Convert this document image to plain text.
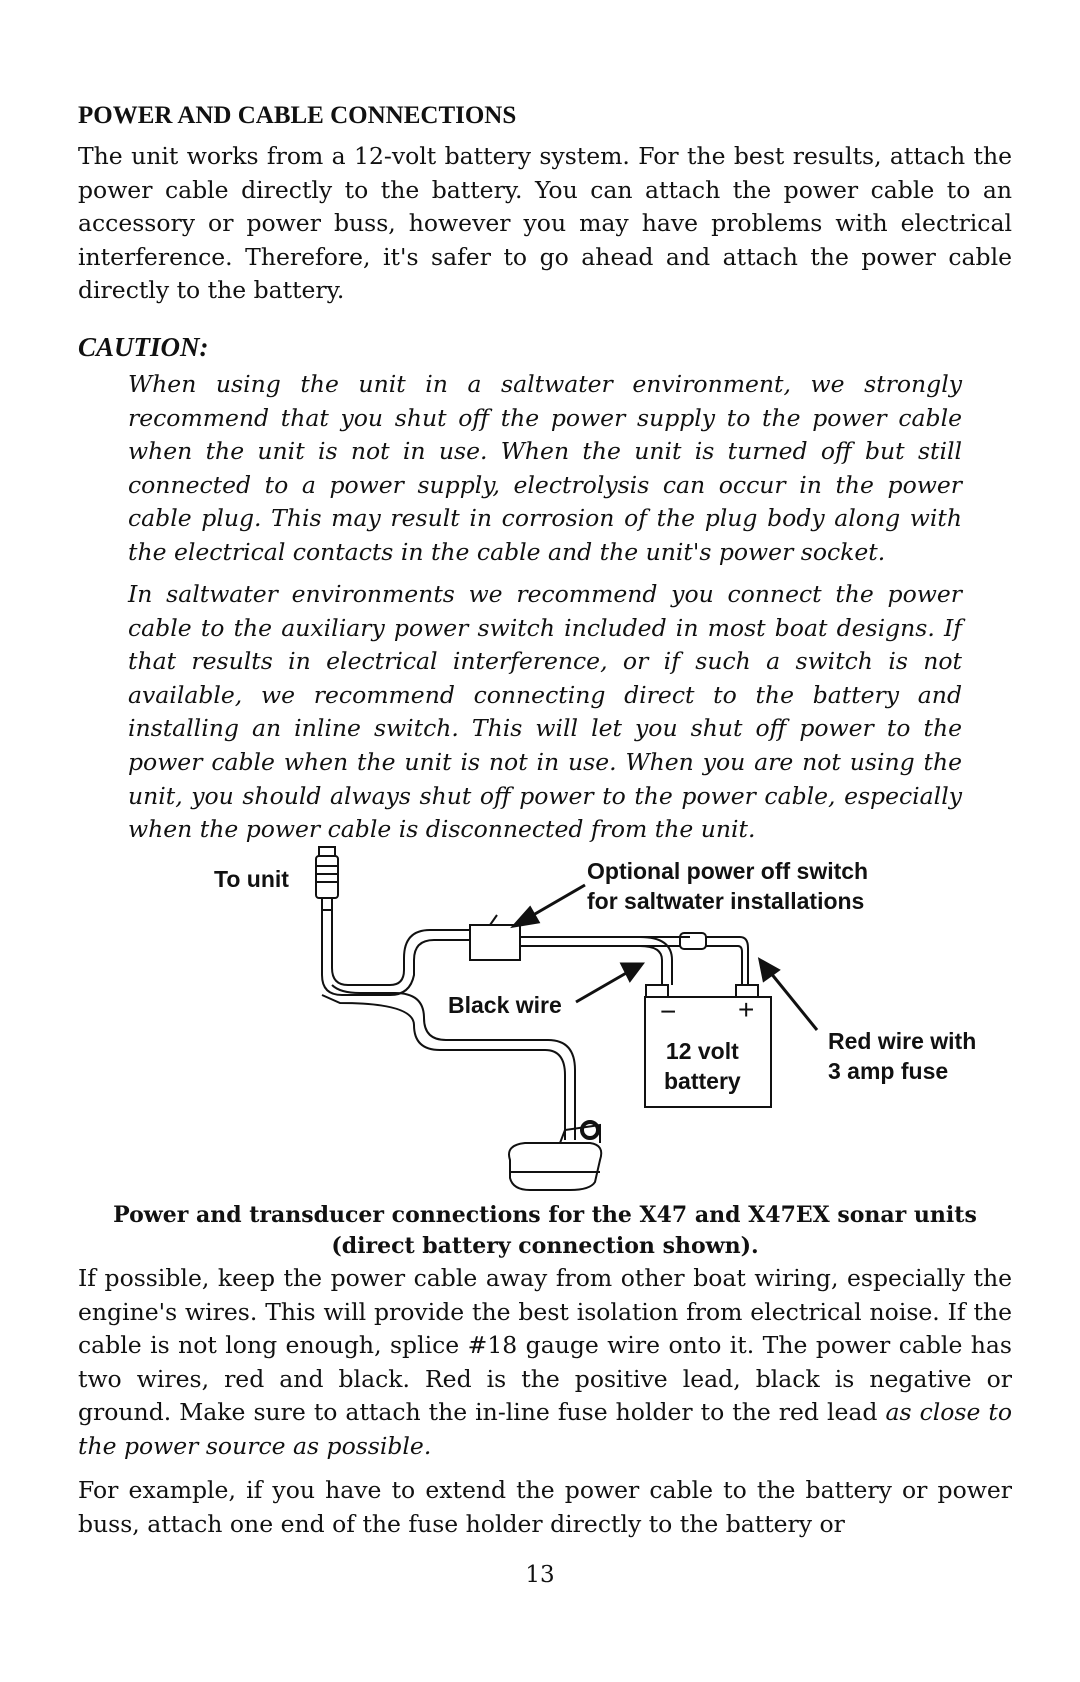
POWER AND CABLE CONNECTIONS

The unit works from a 12-volt battery system. For the best results, attach the power cable directly to the battery. You can attach the power cable to an accessory or power buss, however you may have problems with electrical interference. Therefore, it's safer to go ahead and attach the power cable directly to the battery.

CAUTION:

When using the unit in a saltwater environment, we strongly recommend that you shut off the power supply to the power cable when the unit is not in use. When the unit is turned off but still connected to a power supply, electrolysis can occur in the power cable plug. This may result in corrosion of the plug body along with the electrical contacts in the cable and the unit's power socket.

In saltwater environments we recommend you connect the power cable to the auxiliary power switch included in most boat designs. If that results in electrical interference, or if such a switch is not available, we recommend connecting direct to the battery and installing an inline switch. This will let you shut off power to the power cable when the unit is not in use. When you are not using the unit, you should always shut off power to the power cable, especially when the power cable is disconnected from the unit.

To unit	Optional power off switch
for saltwater installations
Black wire	− +
12 volt
battery
Red wire with
3 amp fuse
Power and transducer connections for the X47 and X47EX sonar units (direct battery connection shown).

If possible, keep the power cable away from other boat wiring, especially the engine's wires. This will provide the best isolation from electrical noise. If the cable is not long enough, splice #18 gauge wire onto it. The power cable has two wires, red and black. Red is the positive lead, black is negative or ground. Make sure to attach the in-line fuse holder to the red lead as close to the power source as possible.

For example, if you have to extend the power cable to the battery or power buss, attach one end of the fuse holder directly to the battery or

13
